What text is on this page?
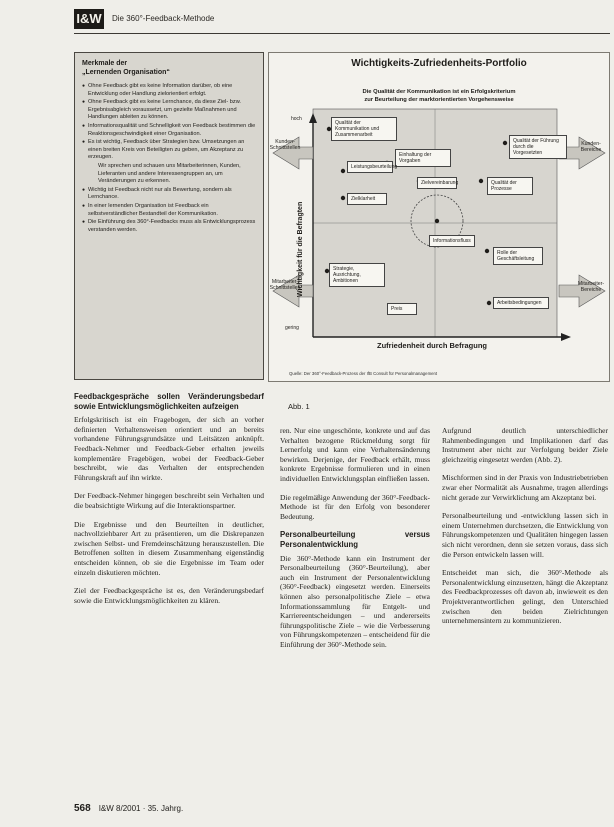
I&W Die 360°-Feedback-Methode
Merkmale der
„Lernenden Organisation“
● Ohne Feedback gibt es keine Information darüber, ob eine Entwicklung oder Handlung zielorientiert erfolgt.
● Ohne Feedback gibt es keine Lernchance, da diese Ziel- bzw. Ergebnisabgleich voraussetzt, um gezielte Maßnahmen und Handlungen ableiten zu können.
● Informationsqualität und Schnelligkeit von Feedback bestimmen die Reaktionsgeschwindigkeit einer Organisation.
● Es ist wichtig, Feedback über Strategien bzw. Umsetzungen an einen breiten Kreis von Beteiligten zu geben, um Akzeptanz zu erzeugen.
Wir sprechen und schauen uns Mitarbeiterinnen, Kunden, Lieferanten und andere Interessengruppen an, um Veränderungen zu erkennen.
● Wichtig ist Feedback nicht nur als Bewertung, sondern als Lernchance.
● In einer lernenden Organisation ist Feedback ein selbstverständlicher Bestandteil der Kommunikation.
● Die Einführung des 360°-Feedbacks muss als Entwicklungsprozess verstanden werden.
Wichtigkeits-Zufriedenheits-Portfolio
Die Qualität der Kommunikation ist ein Erfolgskriterium
zur Beurteilung der marktorientierten Vorgehensweise
hoch
gering
Wichtigkeit für die Befragten
Zufriedenheit durch Befragung
Kunden-Schnittstellen
Mitarbeiter-Schnittstellen
Kunden-Bereiche
Mitarbeiter-Bereiche
Qualität der Kommunikation und Zusammenarbeit
Einhaltung der Vorgaben
Qualität der Führung durch die Vorgesetzten
Leistungsbeurteilung
Zielvereinbarung	Qualität der Prozesse
Informationsfluss
Rolle der Geschäftsleitung
Zielklarheit
Strategie, Ausrichtung, Ambitionen
Preis
Arbeitsbedingungen
Quelle: Der 360°-Feedback-Prozess der IfB Consult für Personalmanagement
Abb. 1
Feedbackgespräche sollen Veränderungsbedarf sowie Entwicklungsmöglichkeiten aufzeigen

Erfolgskritisch ist ein Fragebogen, der sich an vorher definierten Verhaltensweisen orientiert und an bereits vorhandene Führungsgrundsätze und Leitsätzen anknüpft. Feedback-Nehmer und Feedback-Geber erhalten jeweils komplementäre Fragebögen, wobei der Feedback-Geber beschreibt, wie das Verhalten der entsprechenden Führungskraft auf ihn wirkte.

Der Feedback-Nehmer hingegen beschreibt sein Verhalten und die beabsichtigte Wirkung auf die Interaktionspartner.

Die Ergebnisse und den Beurteilten in deutlicher, nachvollziehbarer Art zu präsentieren, um die Diskrepanzen zwischen Selbst- und Fremdeinschätzung herauszustellen. Die Betroffenen sollten in diesem Zusammenhang eigenständig entscheiden können, ob sie die Ergebnisse im Team oder einzeln diskutieren möchten.

Ziel der Feedbackgespräche ist es, den Veränderungsbedarf sowie die Entwicklungsmöglichkeiten zu klären.

ren. Nur eine ungeschönte, konkrete und auf das Verhalten bezogene Rückmeldung sorgt für Lernerfolg und kann eine Verhaltensänderung bewirken. Derjenige, der Feedback erhält, muss konkrete Ergebnisse formulieren und in einen individuellen Entwicklungsplan einfließen lassen.

Die regelmäßige Anwendung der 360°-Feedback-Methode ist für den Erfolg von besonderer Bedeutung.

Personalbeurteilung versus Personalentwicklung

Die 360°-Methode kann ein Instrument der Personalbeurteilung (360°-Beurteilung), aber auch ein Instrument der Personalentwicklung (360°-Feedback) eingesetzt werden. Einerseits können also personalpolitische Ziele – etwa Informationssammlung für Entgelt- und Karriereentscheidungen – und andererseits führungspolitische Ziele – wie die Verbesserung von Führungskompetenzen – entscheidend für die Einführung der 360°-Methode sein.

Aufgrund deutlich unterschiedlicher Rahmenbedingungen und Implikationen darf das Instrument aber nicht zur Verfolgung beider Ziele gleichzeitig eingesetzt werden (Abb. 2).

Mischformen sind in der Praxis von Industriebetrieben zwar eher Normalität als Ausnahme, tragen allerdings nicht gerade zur Verwirklichung am Akzeptanz bei.

Personalbeurteilung und -entwicklung lassen sich in einem Unternehmen durchsetzen, die Entwicklung von Führungskompetenzen und Qualitäten hingegen lassen sich nicht verordnen, denn sie setzen voraus, dass sich die Person entwickeln lassen will.

Entscheidet man sich, die 360°-Methode als Personalentwicklung einzusetzen, hängt die Akzeptanz des Feedbackprozesses oft davon ab, inwieweit es den Projektverantwortlichen gelingt, den Unterschied zwischen den beiden Zielrichtungen unternehmensintern zu kommunizieren.

568 I&W 8/2001 · 35. Jahrg.
